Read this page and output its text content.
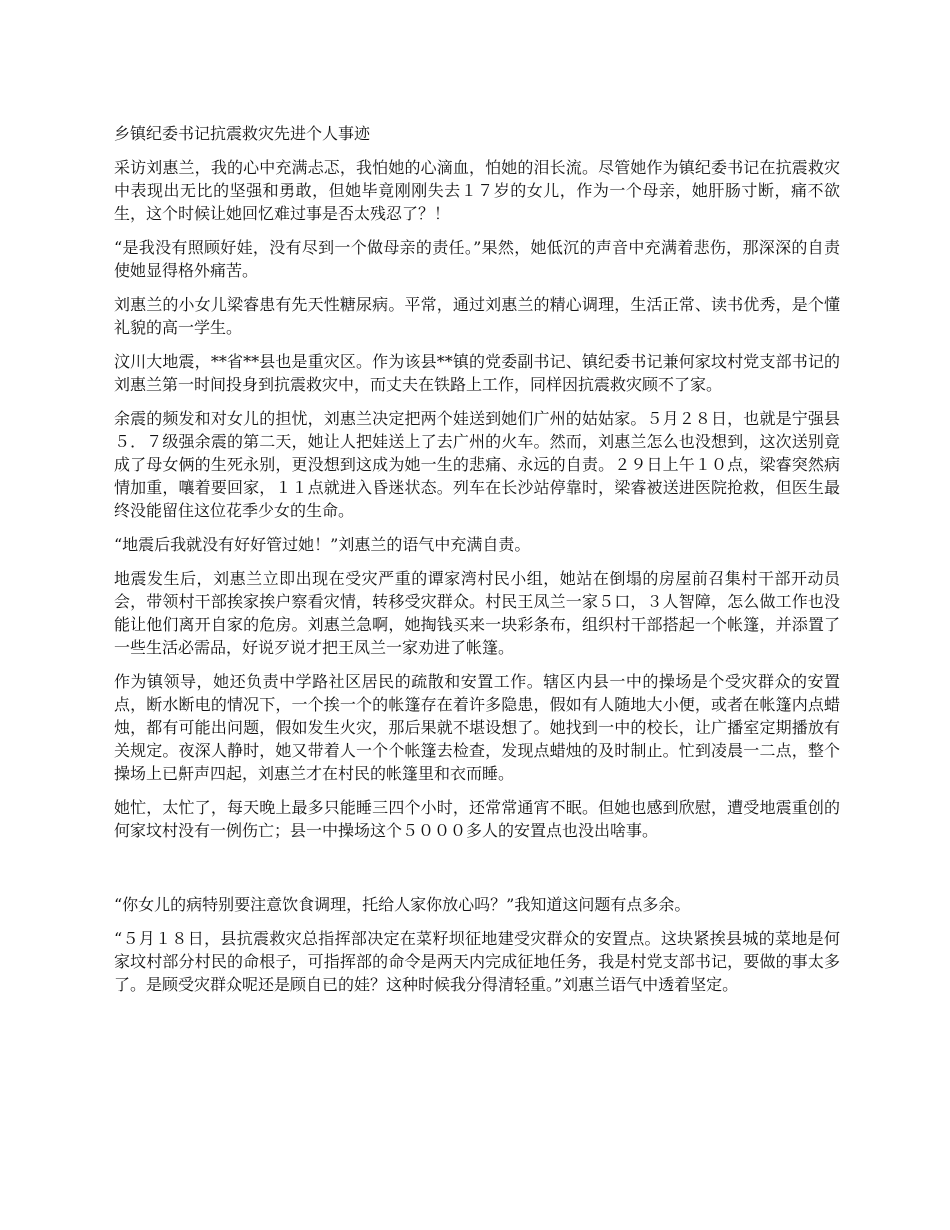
乡镇纪委书记抗震救灾先进个人事迹

采访刘惠兰，我的心中充满忐忑，我怕她的心滴血，怕她的泪长流。尽管她作为镇纪委书记在抗震救灾中表现出无比的坚强和勇敢，但她毕竟刚刚失去１７岁的女儿，作为一个母亲，她肝肠寸断，痛不欲生，这个时候让她回忆难过事是否太残忍了？！

“是我没有照顾好娃，没有尽到一个做母亲的责任。”果然，她低沉的声音中充满着悲伤，那深深的自责使她显得格外痛苦。

刘惠兰的小女儿梁睿患有先天性糖尿病。平常，通过刘惠兰的精心调理，生活正常、读书优秀，是个懂礼貌的高一学生。

汶川大地震，**省**县也是重灾区。作为该县**镇的党委副书记、镇纪委书记兼何家坟村党支部书记的刘惠兰第一时间投身到抗震救灾中，而丈夫在铁路上工作，同样因抗震救灾顾不了家。

余震的频发和对女儿的担忧，刘惠兰决定把两个娃送到她们广州的姑姑家。５月２８日，也就是宁强县５．７级强余震的第二天，她让人把娃送上了去广州的火车。然而，刘惠兰怎么也没想到，这次送别竟成了母女俩的生死永别，更没想到这成为她一生的悲痛、永远的自责。２９日上午１０点，梁睿突然病情加重，嚷着要回家，１１点就进入昏迷状态。列车在长沙站停靠时，梁睿被送进医院抢救，但医生最终没能留住这位花季少女的生命。

“地震后我就没有好好管过她！”刘惠兰的语气中充满自责。

地震发生后，刘惠兰立即出现在受灾严重的谭家湾村民小组，她站在倒塌的房屋前召集村干部开动员会，带领村干部挨家挨户察看灾情，转移受灾群众。村民王凤兰一家５口，３人智障，怎么做工作也没能让他们离开自家的危房。刘惠兰急啊，她掏钱买来一块彩条布，组织村干部搭起一个帐篷，并添置了一些生活必需品，好说歹说才把王凤兰一家劝进了帐篷。

作为镇领导，她还负责中学路社区居民的疏散和安置工作。辖区内县一中的操场是个受灾群众的安置点，断水断电的情况下，一个挨一个的帐篷存在着许多隐患，假如有人随地大小便，或者在帐篷内点蜡烛，都有可能出问题，假如发生火灾，那后果就不堪设想了。她找到一中的校长，让广播室定期播放有关规定。夜深人静时，她又带着人一个个帐篷去检查，发现点蜡烛的及时制止。忙到凌晨一二点，整个操场上已鼾声四起，刘惠兰才在村民的帐篷里和衣而睡。

她忙，太忙了，每天晚上最多只能睡三四个小时，还常常通宵不眠。但她也感到欣慰，遭受地震重创的何家坟村没有一例伤亡；县一中操场这个５０００多人的安置点也没出啥事。

“你女儿的病特别要注意饮食调理，托给人家你放心吗？”我知道这问题有点多余。

“５月１８日，县抗震救灾总指挥部决定在菜籽坝征地建受灾群众的安置点。这块紧挨县城的菜地是何家坟村部分村民的命根子，可指挥部的命令是两天内完成征地任务，我是村党支部书记，要做的事太多了。是顾受灾群众呢还是顾自已的娃？这种时候我分得清轻重。”刘惠兰语气中透着坚定。
